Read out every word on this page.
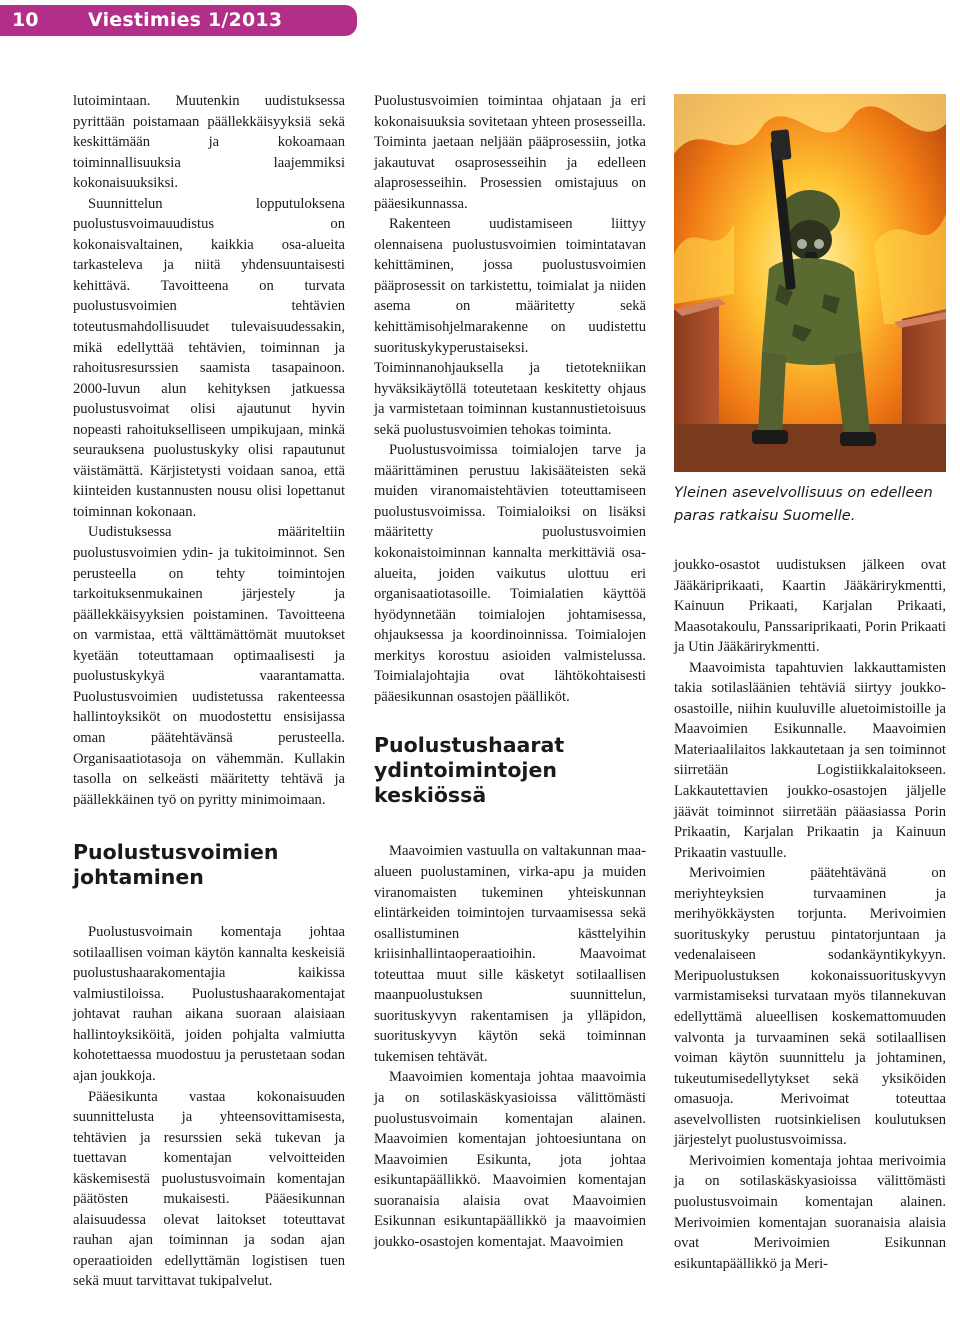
10	Viestimies 1/2013

lutoimintaan. Muutenkin uudistuksessa pyrittään poistamaan päällekkäisyyksiä sekä keskittämään ja kokoamaan toiminnallisuuksia laajemmiksi kokonaisuuksiksi.

Suunnittelun lopputuloksena puolustusvoimauudistus on kokonaisvaltainen, kaikkia osa-alueita tarkasteleva ja niitä yhdensuuntaisesti kehittävä. Tavoitteena on turvata puolustusvoimien tehtävien toteutusmahdollisuudet tulevaisuudessakin, mikä edellyttää tehtävien, toiminnan ja rahoitusresurssien saamista tasapainoon. 2000-luvun alun kehityksen jatkuessa puolustusvoimat olisi ajautunut hyvin nopeasti rahoitukselliseen umpikujaan, minkä seurauksena puolustuskyky olisi rapautunut väistämättä. Kärjistetysti voidaan sanoa, että kiinteiden kustannusten nousu olisi lopettanut toiminnan kokonaan.

Uudistuksessa määriteltiin puolustusvoimien ydin- ja tukitoiminnot. Sen perusteella on tehty toimintojen tarkoituksenmukainen järjestely ja päällekkäisyyksien poistaminen. Tavoitteena on varmistaa, että välttämättömät muutokset kyetään toteuttamaan optimaalisesti ja puolustuskykyä vaarantamatta. Puolustusvoimien uudistetussa rakenteessa hallintoyksiköt on muodostettu ensisijassa oman päätehtävänsä perusteella. Organisaatiotasoja on vähemmän. Kullakin tasolla on selkeästi määritetty tehtävä ja päällekkäinen työ on pyritty minimoimaan.

Puolustusvoimien johtaminen

Puolustusvoimain komentaja johtaa sotilaallisen voiman käytön kannalta keskeisiä puolustushaarakomentajia kaikissa valmiustiloissa. Puolustushaarakomentajat johtavat rauhan aikana suoraan alaisiaan hallintoyksiköitä, joiden pohjalta valmiutta kohotettaessa muodostuu ja perustetaan sodan ajan joukkoja.

Pääesikunta vastaa kokonaisuuden suunnittelusta ja yhteensovittamisesta, tehtävien ja resurssien sekä tukevan ja tuettavan komentajan velvoitteiden käskemisestä puolustusvoimain komentajan päätösten mukaisesti. Pääesikunnan alaisuudessa olevat laitokset toteuttavat rauhan ajan toiminnan ja sodan ajan operaatioiden edellyttämän logistisen tuen sekä muut tarvittavat tukipalvelut.

Puolustusvoimien toimintaa ohjataan ja eri kokonaisuuksia sovitetaan yhteen prosesseilla. Toiminta jaetaan neljään pääprosessiin, jotka jakautuvat osaprosesseihin ja edelleen alaprosesseihin. Prosessien omistajuus on pääesikunnassa.

Rakenteen uudistamiseen liittyy olennaisena puolustusvoimien toimintatavan kehittäminen, jossa puolustusvoimien pääprosessit on tarkistettu, toimialat ja niiden asema on määritetty sekä kehittämisohjelmarakenne on uudistettu suorituskykyperustaiseksi. Toiminnanohjauksella ja tietotekniikan hyväksikäytöllä toteutetaan keskitetty ohjaus ja varmistetaan toiminnan kustannustietoisuus sekä puolustusvoimien tehokas toiminta.

Puolustusvoimissa toimialojen tarve ja määrittäminen perustuu lakisääteisten sekä muiden viranomaistehtävien toteuttamiseen puolustusvoimissa. Toimialoiksi on lisäksi määritetty puolustusvoimien kokonaistoiminnan kannalta merkittäviä osa-alueita, joiden vaikutus ulottuu eri organisaatiotasoille. Toimialatien käyttöä hyödynnetään toimialojen johtamisessa, ohjauksessa ja koordinoinnissa. Toimialojen merkitys korostuu asioiden valmistelussa. Toimialajohtajia ovat lähtökohtaisesti pääesikunnan osastojen päälliköt.

Puolustushaarat ydintoimintojen keskiössä

Maavoimien vastuulla on valtakunnan maa-alueen puolustaminen, virka-apu ja muiden viranomaisten tukeminen yhteiskunnan elintärkeiden toimintojen turvaamisessa sekä osallistuminen kästtelyihin kriisinhallintaoperaatioihin. Maavoimat toteuttaa muut sille käsketyt sotilaallisen maanpuolustuksen suunnittelun, suorituskyvyn rakentamisen ja ylläpidon, suorituskyvyn käytön sekä toiminnan tukemisen tehtävät.

Maavoimien komentaja johtaa maavoimia ja on sotilaskäskyasioissa välittömästi puolustusvoimain komentajan alainen. Maavoimien komentajan johtoesiuntana on Maavoimien Esikunta, jota johtaa esikuntapäällikkö. Maavoimien komentajan suoranaisia alaisia ovat Maavoimien Esikunnan esikuntapäällikkö ja maavoimien joukko-osastojen komentajat. Maavoimien

Yleinen asevelvollisuus on edelleen paras ratkaisu Suomelle.

joukko-osastot uudistuksen jälkeen ovat Jääkäriprikaati, Kaartin Jääkärirykmentti, Kainuun Prikaati, Karjalan Prikaati, Maasotakoulu, Panssariprikaati, Porin Prikaati ja Utin Jääkärirykmentti.

Maavoimista tapahtuvien lakkauttamisten takia sotilasläänien tehtäviä siirtyy joukko-osastoille, niihin kuuluville aluetoimistoille ja Maavoimien Esikunnalle. Maavoimien Materiaalilaitos lakkautetaan ja sen toiminnot siirretään Logistiikkalaitokseen. Lakkautettavien joukko-osastojen jäljelle jäävät toiminnot siirretään pääasiassa Porin Prikaatin, Karjalan Prikaatin ja Kainuun Prikaatin vastuulle.

Merivoimien päätehtävänä on meriyhteyksien turvaaminen ja merihyökkäysten torjunta. Merivoimien suorituskyky perustuu pintatorjuntaan ja vedenalaiseen sodankäyntikykyyn. Meripuolustuksen kokonaissuorituskyvyn varmistamiseksi turvataan myös tilannekuvan edellyttämä alueellisen koskemattomuuden valvonta ja turvaaminen sekä sotilaallisen voiman käytön suunnittelu ja johtaminen, tukeutumisedellytykset sekä yksiköiden omasuoja. Merivoimat toteuttaa asevelvollisten ruotsinkielisen koulutuksen järjestelyt puolustusvoimissa.

Merivoimien komentaja johtaa merivoimia ja on sotilaskäskyasioissa välittömästi puolustusvoimain komentajan alainen. Merivoimien komentajan suoranaisia alaisia ovat Merivoimien Esikunnan esikuntapäällikkö ja Meri-
